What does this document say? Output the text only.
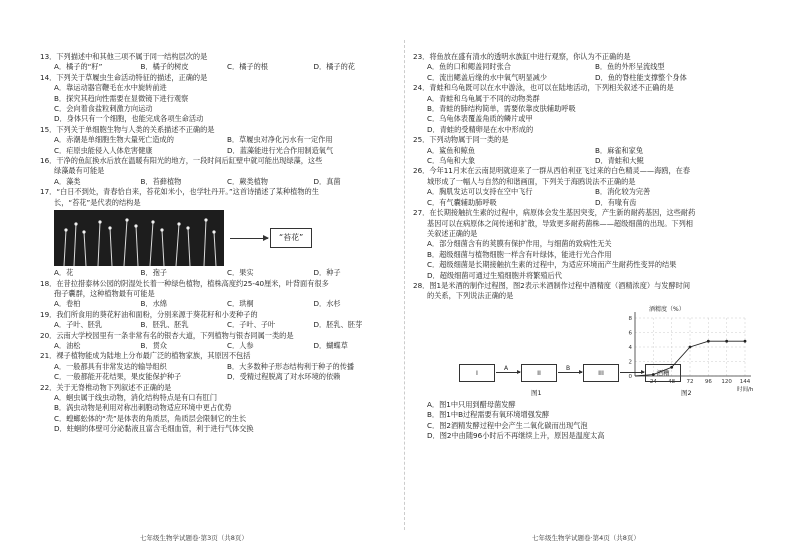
13．下列描述中和其他三项不属于同一结构层次的是
A．橘子的“籽”	B．橘子的树皮	C．橘子的根	D．橘子的花
14．下列关于草履虫生命活动特征的描述，正确的是
A．靠运动器官鞭毛在水中旋转前进
B．探究其趋向性需要在显微镜下进行观察
C．会向着食盐粒刺激方向运动
D．身体只有一个细胞，也能完成各项生命活动
15．下列关于单细胞生物与人类的关系描述不正确的是
A．赤潮是单细胞生物大量死亡造成的	B．草履虫对净化污水有一定作用
C．疟原虫能侵入人体危害健康	D．蓝藻能进行光合作用制造氧气
16．干净的鱼缸换水后放在温暖有阳光的地方，一段时间后缸壁中就可能出现绿藻，这些
绿藻最有可能是
A．藻类	B．苔藓植物	C．蕨类植物	D．真菌
17．“白日不到处，青春恰自来，苔花如米小，也学牡丹开。”这首诗描述了某种植物的生
长，“苔花”是代表的结构是
“苔花”
A．花	B．孢子	C．果实	D．种子
18．在昔拉措泰林公园的阴湿处长着一种绿色植物，植株高度约25-40厘米，叶背面有很多
孢子囊群，这种植物最有可能是
A．卷柏	B．水绵	C．珙桐	D．水杉
19．我们所食用的葵花籽油和面粉，分别来源于葵花籽和小麦种子的
A．子叶、胚乳	B．胚乳、胚乳	C．子叶、子叶	D．胚乳、胚芽
20．云南大学校园里有一条非常有名的银杏大道，下列植物与银杏同属一类的是
A．油松	B．贯众	C．人参	D．蝴蝶草
21．裸子植物能成为陆地上分布最广泛的植物家族，其原因不包括
A．一般都具有非常发达的输导组织	B．大多数种子形态结构利于种子的传播
C．一般都能开花结果，果皮能保护种子	D．受精过程脱离了对水环境的依赖
22．关于无脊椎动物下列叙述不正确的是
A．蛔虫属于线虫动物，消化结构特点是有口有肛门
B．涡虫动物是利用对称出刺胞动物适应环境中更占优势
C．蝗螂蚣体的“壳”是体表的角质层，角质层会限制它的生长
D．蛀蛔的体壁可分泌黏液且富含毛细血管，利于进行气体交换
23．将鱼放在盛有清水的透明水族缸中进行观察，你认为不正确的是
A．鱼的口和鳃盖同时张合	B．鱼的外形呈流线型
C．流出鳃盖后缘的水中氧气明显减少	D．鱼的脊柱能支撑整个身体
24．青蛙和乌龟既可以在水中游泳，也可以在陆地活动，下列相关叙述不正确的是
A．青蛙和乌龟属于不同的动物类群
B．青蛙的肺结构简单，需要依靠皮肤辅助呼吸
C．乌龟体表覆盖角质的鳞片或甲
D．青蛙的受精卵是在水中形成的
25．下列动物属于同一类的是
A．鲨鱼和鲸鱼	B．麻雀和家兔
C．乌龟和大象	D．青蛙和大鲵
26．今年11月末在云南昆明就迎来了一群从西伯利亚飞过来的白色精灵——海鸥，在春
城形成了一幅人与自然的和谐画面，下列关于海鸥说法不正确的是
A．胸肌发达可以支持在空中飞行	B．消化较为完善
C．有气囊辅助肺呼吸	D．有喙有齿
27．在长期接触抗生素的过程中，病原体会发生基因突变，产生新的耐药基因，这些耐药
基因可以在病原体之间传递和扩散，导致更多耐药菌株——超级细菌的出现。下列相
关叙述正确的是
A．部分细菌含有的荚膜有保护作用，与细菌的致病性无关
B．超级细菌与植物细胞一样含有叶绿体，能进行光合作用
C．超级细菌是长期接触抗生素的过程中，为适应环境而产生耐药性变异的结果
D．超级细菌可通过生殖细胞并将繁殖后代
28．图1是米酒的制作过程图，图2表示米酒制作过程中酒精度（酒精浓度）与发酵时间
的关系，下列说法正确的是
I	A	II	B	III	酒糟
图1
0
2
4
6
8
24 48 72 96 120 144
酒精度（%）
时间/h
图2
A．图1中只用到醋母菌发酵
B．图1中B过程需要有氧环境增强发酵
C．图2酒精发酵过程中会产生二氧化碳而出现气泡
D．图2中由随96小时后不再继续上升，原因是温度太高
七年级生物学试题卷·第3页（共8页）	七年级生物学试题卷·第4页（共8页）
